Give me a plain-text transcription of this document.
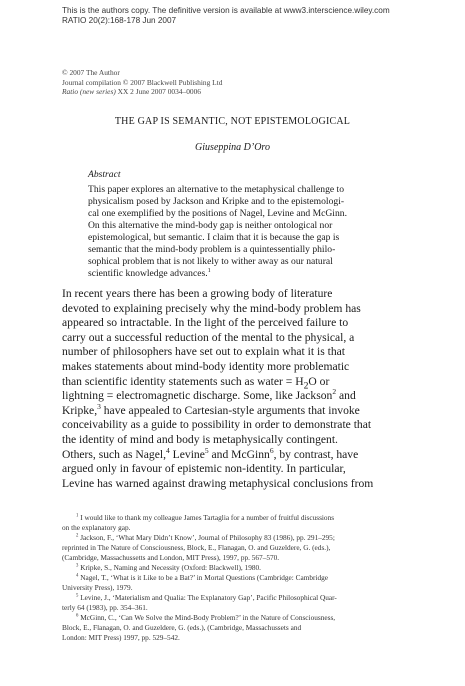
This is the authors copy. The definitive version is available at www3.interscience.wiley.com
RATIO 20(2):168-178 Jun 2007
© 2007 The Author
Journal compilation © 2007 Blackwell Publishing Ltd
Ratio (new series) XX 2 June 2007 0034–0006
THE GAP IS SEMANTIC, NOT EPISTEMOLOGICAL
Giuseppina D’Oro
Abstract
This paper explores an alternative to the metaphysical challenge to
physicalism posed by Jackson and Kripke and to the epistemologi-
cal one exemplified by the positions of Nagel, Levine and McGinn.
On this alternative the mind-body gap is neither ontological nor
epistemological, but semantic. I claim that it is because the gap is
semantic that the mind-body problem is a quintessentially philo-
sophical problem that is not likely to wither away as our natural
scientific knowledge advances.$^1$
In recent years there has been a growing body of literature
devoted to explaining precisely why the mind-body problem has
appeared so intractable. In the light of the perceived failure to
carry out a successful reduction of the mental to the physical, a
number of philosophers have set out to explain what it is that
makes statements about mind-body identity more problematic
than scientific identity statements such as water = $H_2O$ or
lightning = electromagnetic discharge. Some, like Jackson$^2$ and
Kripke,$^3$ have appealed to Cartesian-style arguments that invoke
conceivability as a guide to possibility in order to demonstrate that
the identity of mind and body is metaphysically contingent.
Others, such as Nagel,$^4$ Levine$^5$ and McGinn$^6$, by contrast, have
argued only in favour of epistemic non-identity. In particular,
Levine has warned against drawing metaphysical conclusions from
$^1$ I would like to thank my colleague James Tartaglia for a number of fruitful discussions
on the explanatory gap.
$^2$ Jackson, F., ‘What Mary Didn’t Know’, Journal of Philosophy 83 (1986), pp. 291–295;
reprinted in The Nature of Consciousness, Block, E., Flanagan, O. and Guzeldere, G. (eds.),
(Cambridge, Massachussetts and London, MIT Press), 1997, pp. 567–570.
$^3$ Kripke, S., Naming and Necessity (Oxford: Blackwell), 1980.
$^4$ Nagel, T., ‘What is it Like to be a Bat?’ in Mortal Questions (Cambridge: Cambridge
University Press), 1979.
$^5$ Levine, J., ‘Materialism and Qualia: The Explanatory Gap’, Pacific Philosophical Quar-
terly 64 (1983), pp. 354–361.
$^6$ McGinn, C., ‘Can We Solve the Mind-Body Problem?’ in the Nature of Consciousness,
Block, E., Flanagan, O. and Guzeldere, G. (eds.), (Cambridge, Massachussets and
London: MIT Press) 1997, pp. 529–542.
